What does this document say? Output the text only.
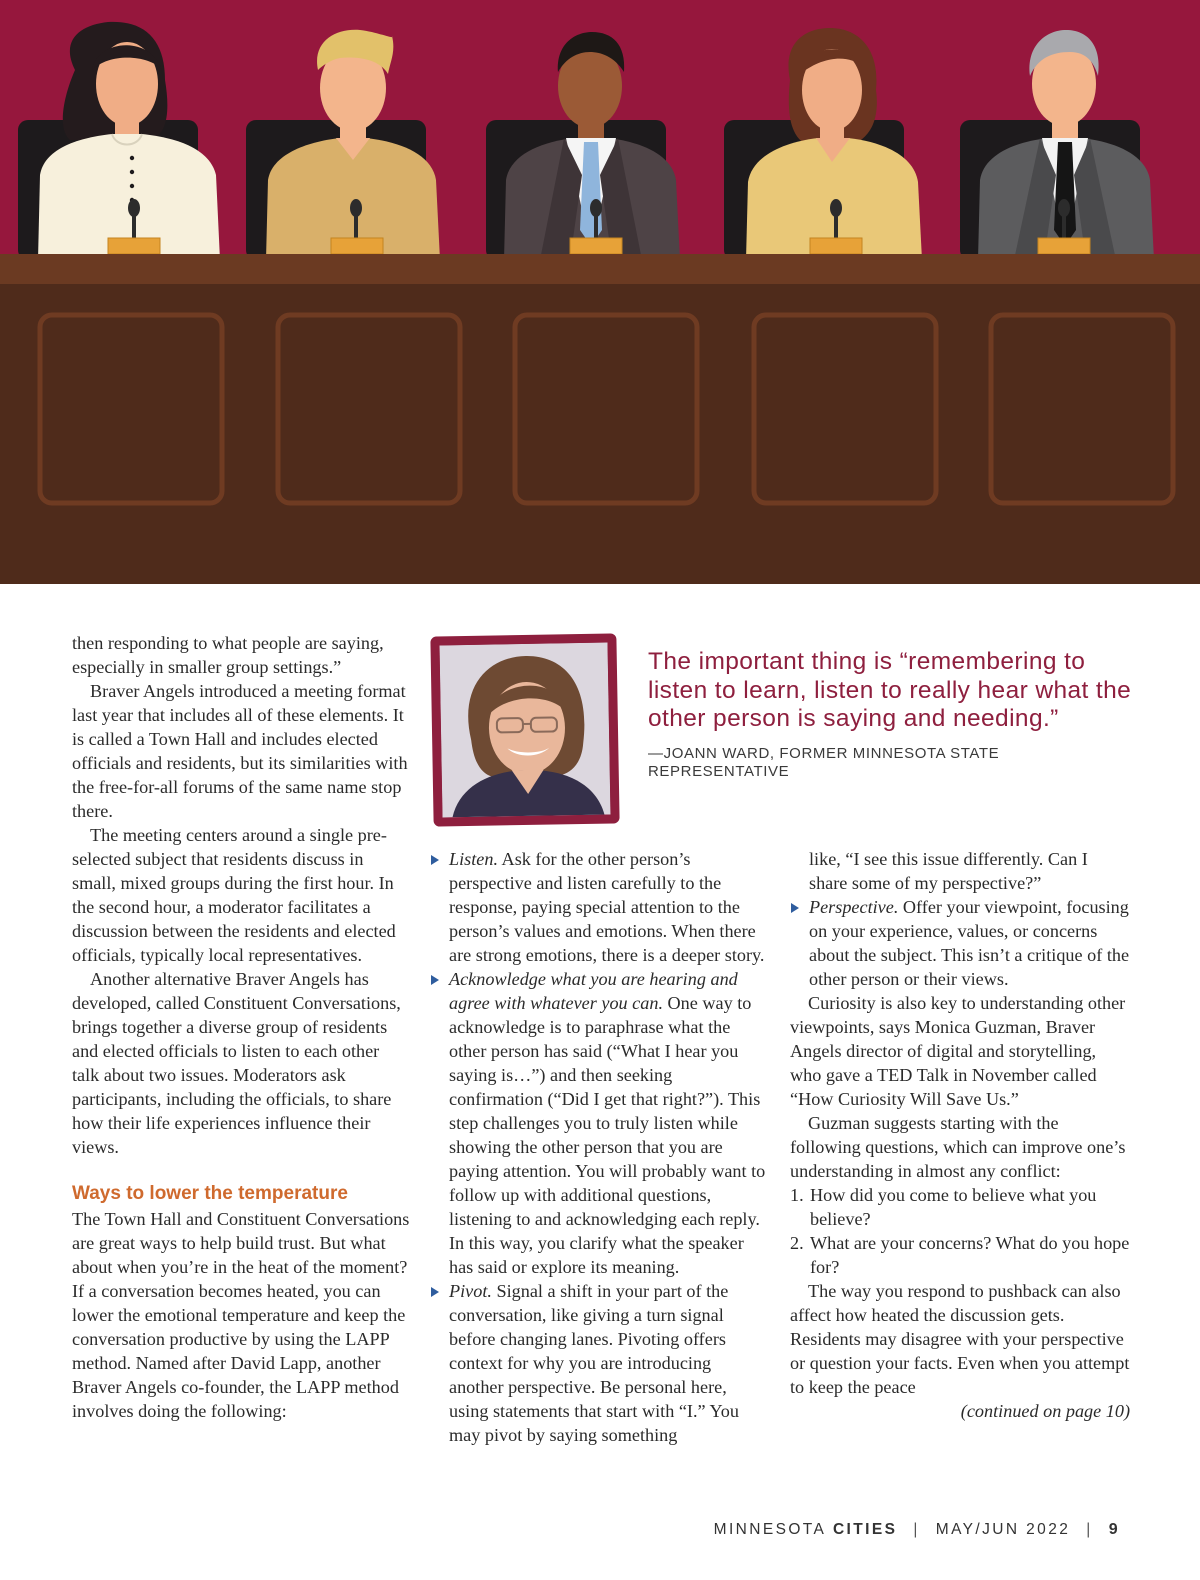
then responding to what people are saying, especially in smaller group settings.”

Braver Angels introduced a meeting format last year that includes all of these elements. It is called a Town Hall and includes elected officials and residents, but its similarities with the free-for-all forums of the same name stop there.

The meeting centers around a single pre-selected subject that residents discuss in small, mixed groups during the first hour. In the second hour, a moderator facilitates a discussion between the residents and elected officials, typically local representatives.

Another alternative Braver Angels has developed, called Constituent Conversations, brings together a diverse group of residents and elected officials to listen to each other talk about two issues. Moderators ask participants, including the officials, to share how their life experiences influence their views.

Ways to lower the temperature

The Town Hall and Constituent Conversations are great ways to help build trust. But what about when you’re in the heat of the moment? If a conversation becomes heated, you can lower the emotional temperature and keep the conversation productive by using the LAPP method. Named after David Lapp, another Braver Angels co-founder, the LAPP method involves doing the following:

The important thing is “remembering to listen to learn, listen to really hear what the other person is saying and needing.”
—JOANN WARD, FORMER MINNESOTA STATE REPRESENTATIVE
Listen. Ask for the other person’s perspective and listen carefully to the response, paying special attention to the person’s values and emotions. When there are strong emotions, there is a deeper story.
Acknowledge what you are hearing and agree with whatever you can. One way to acknowledge is to paraphrase what the other person has said (“What I hear you saying is…”) and then seeking confirmation (“Did I get that right?”). This step challenges you to truly listen while showing the other person that you are paying attention. You will probably want to follow up with additional questions, listening to and acknowledging each reply. In this way, you clarify what the speaker has said or explore its meaning.
Pivot. Signal a shift in your part of the conversation, like giving a turn signal before changing lanes. Pivoting offers context for why you are introducing another perspective. Be personal here, using statements that start with “I.” You may pivot by saying something
like, “I see this issue differently. Can I share some of my perspective?”
Perspective. Offer your viewpoint, focusing on your experience, values, or concerns about the subject. This isn’t a critique of the other person or their views.

Curiosity is also key to understanding other viewpoints, says Monica Guzman, Braver Angels director of digital and storytelling, who gave a TED Talk in November called “How Curiosity Will Save Us.”

Guzman suggests starting with the following questions, which can improve one’s understanding in almost any conflict:

1. How did you come to believe what you believe?
2. What are your concerns? What do you hope for?

The way you respond to pushback can also affect how heated the discussion gets. Residents may disagree with your perspective or question your facts. Even when you attempt to keep the peace

(continued on page 10)
MINNESOTA
CITIES | MAY/JUN 2022 | 9
